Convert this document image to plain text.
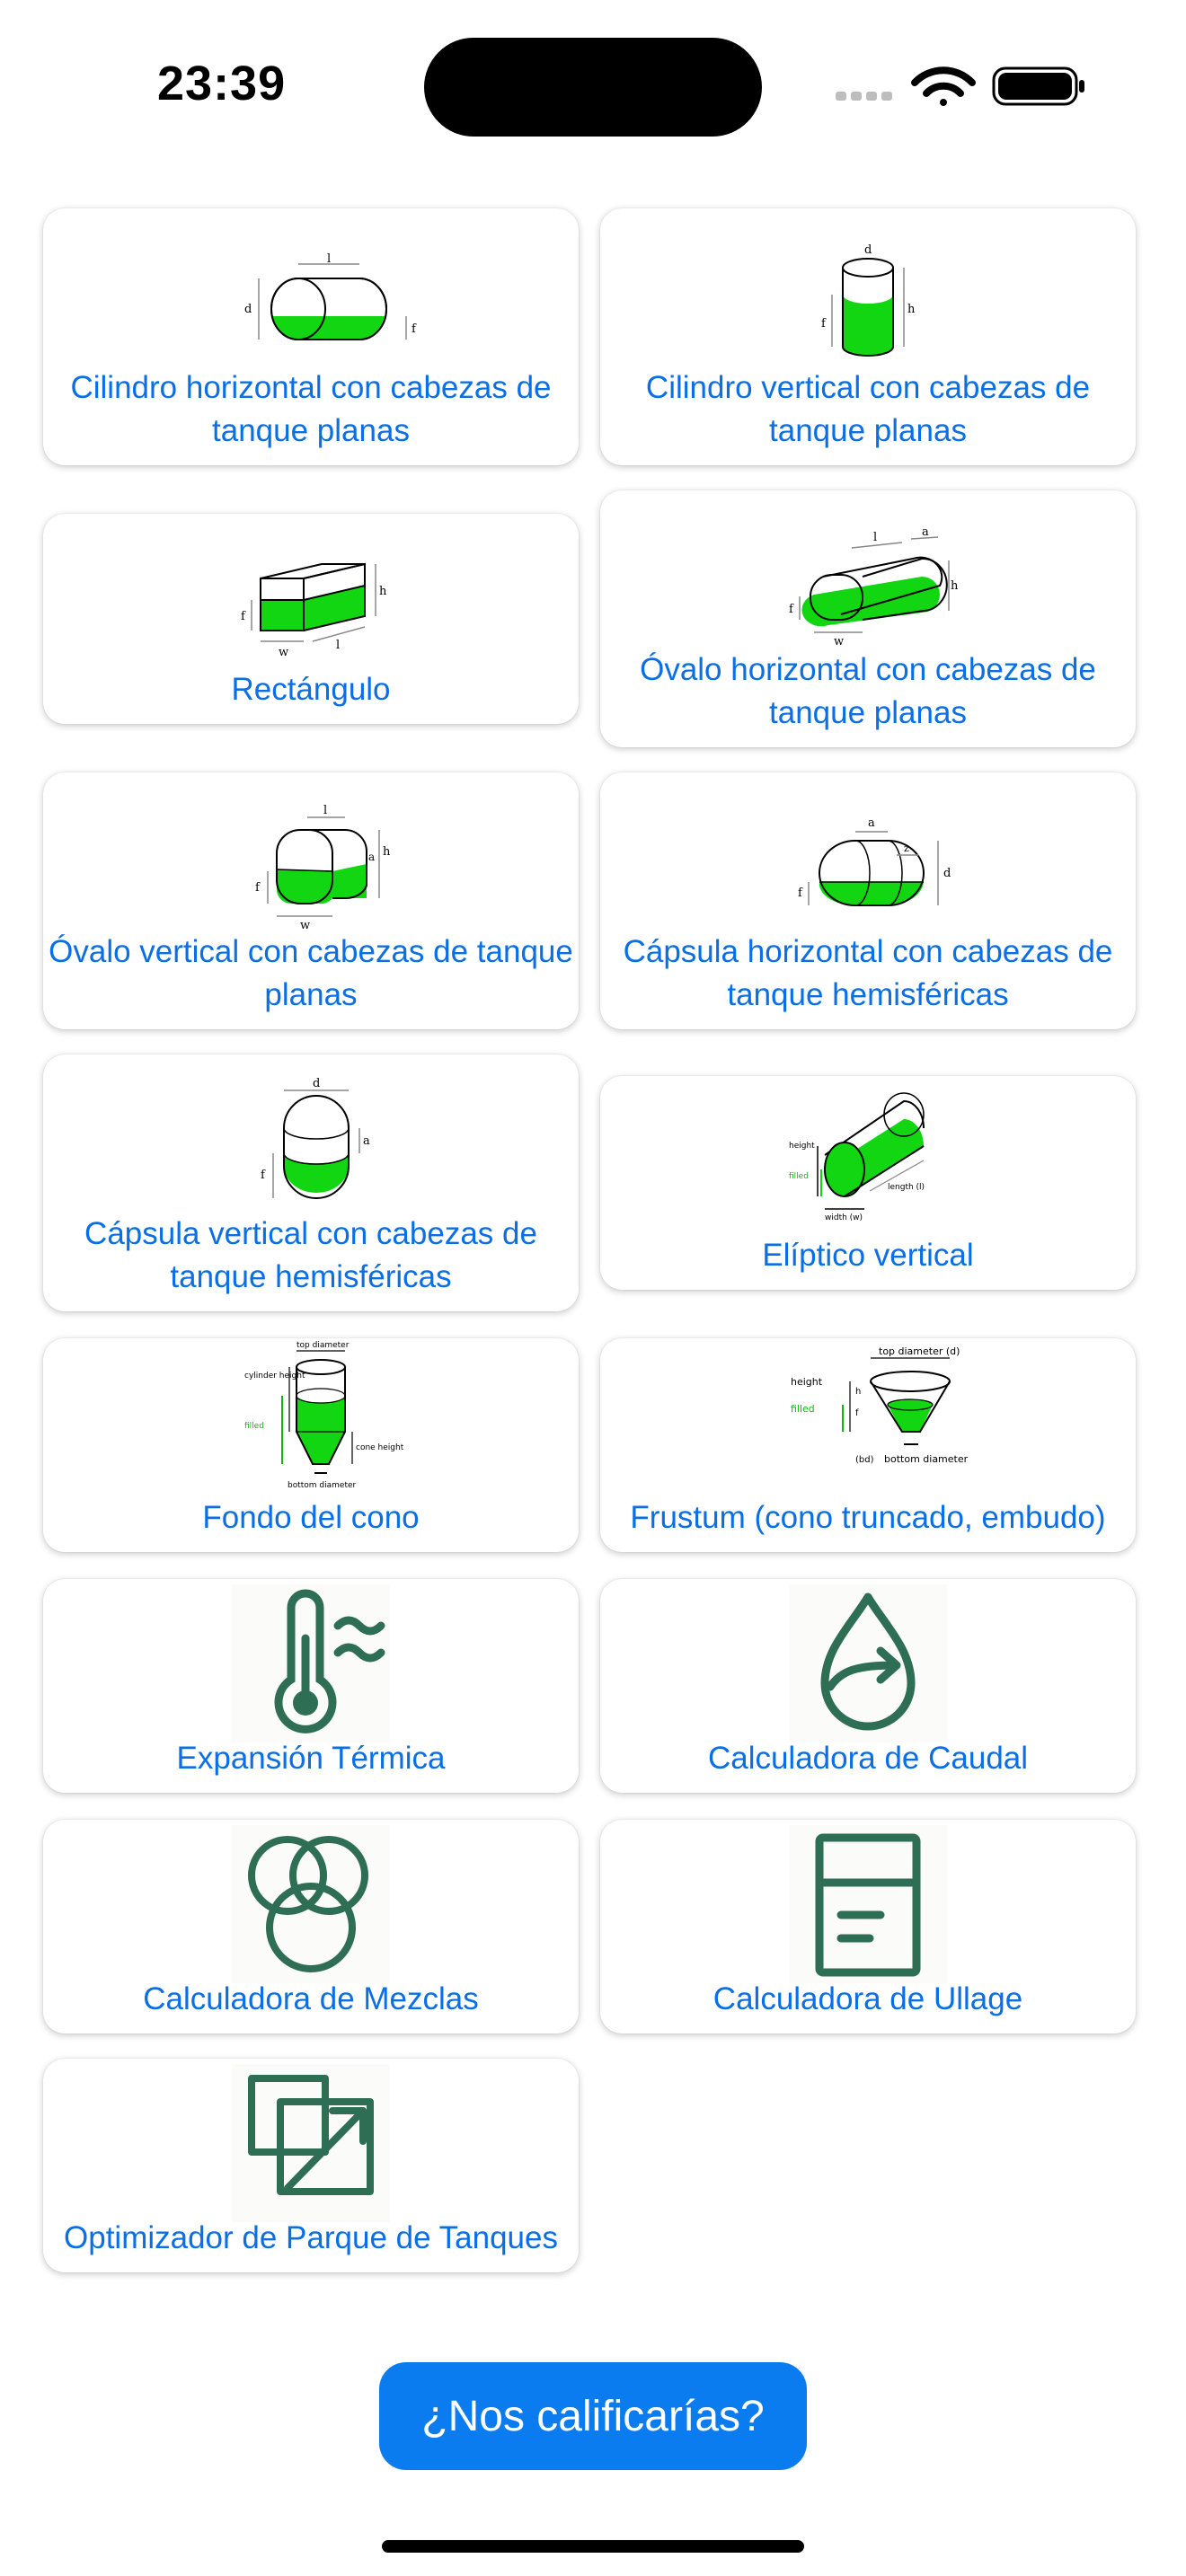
23:39
l
d
f
Cilindro horizontal con cabezas de tanque planas
d
h
f
Cilindro vertical con cabezas de tanque planas
h
f
w
l
Rectángulo
l	a
h
f
w
Óvalo horizontal con cabezas de tanque planas
l
a h
f
w
Óvalo vertical con cabezas de tanque planas
a
z
d
f
Cápsula horizontal con cabezas de tanque hemisféricas
d
a
f
Cápsula vertical con cabezas de tanque hemisféricas
height
filled
width (w)
length (l)
Elíptico vertical
top diameter
cylinder height
filled
cone height
bottom diameter
Fondo del cono
top diameter (d)
height
h
filled	f
(bd) bottom diameter
Frustum (cono truncado, embudo)
Expansión Térmica	Calculadora de Caudal
Calculadora de Mezclas	Calculadora de Ullage
Optimizador de Parque de Tanques
¿Nos calificarías?
